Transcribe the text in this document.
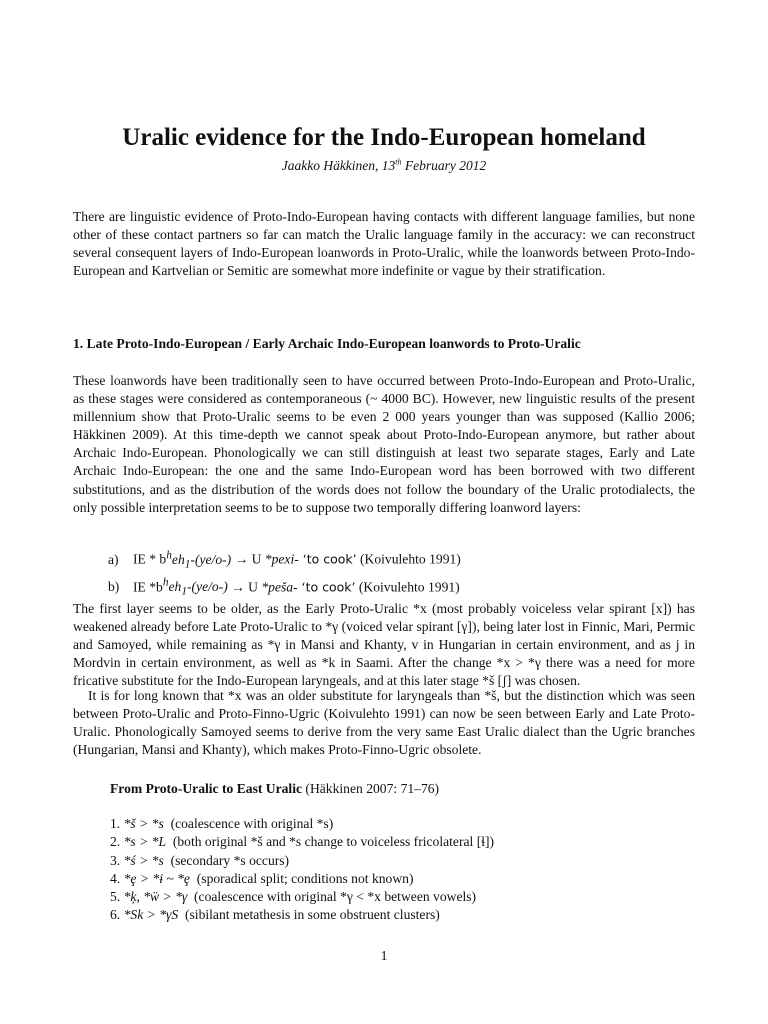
Uralic evidence for the Indo-European homeland
Jaakko Häkkinen, 13th February 2012

There are linguistic evidence of Proto-Indo-European having contacts with different language families, but none other of these contact partners so far can match the Uralic language family in the accuracy: we can reconstruct several consequent layers of Indo-European loanwords in Proto-Uralic, while the loanwords between Proto-Indo-European and Kartvelian or Semitic are somewhat more indefinite or vague by their stratification.

1. Late Proto-Indo-European / Early Archaic Indo-European loanwords to Proto-Uralic

These loanwords have been traditionally seen to have occurred between Proto-Indo-European and Proto-Uralic, as these stages were considered as contemporaneous (~ 4000 BC). However, new linguistic results of the present millennium show that Proto-Uralic seems to be even 2 000 years younger than was supposed (Kallio 2006; Häkkinen 2009). At this time-depth we cannot speak about Proto-Indo-European anymore, but rather about Archaic Indo-European. Phonologically we can still distinguish at least two separate stages, Early and Late Archaic Indo-European: the one and the same Indo-European word has been borrowed with two different substitutions, and as the distribution of the words does not follow the boundary of the Uralic protodialects, the only possible interpretation seems to be to suppose two temporally differing loanword layers:

a) IE * $b^heh_1-(ye/o-) \to U$ *pexi- ‘to cook’ (Koivulehto 1991)
b) IE $*b^heh_1-(ye/o-) \to U$ *peša- ‘to cook’ (Koivulehto 1991)

The first layer seems to be older, as the Early Proto-Uralic *x (most probably voiceless velar spirant [x]) has weakened already before Late Proto-Uralic to *γ (voiced velar spirant [γ]), being later lost in Finnic, Mari, Permic and Samoyed, while remaining as *γ in Mansi and Khanty, v in Hungarian in certain environment, and as j in Mordvin in certain environment, as well as *k in Saami. After the change *x > *γ there was a need for more fricative substitute for the Indo-European laryngeals, and at this later stage *š [ʃ] was chosen.

It is for long known that *x was an older substitute for laryngeals than *š, but the distinction which was seen between Proto-Uralic and Proto-Finno-Ugric (Koivulehto 1991) can now be seen between Early and Late Proto-Uralic. Phonologically Samoyed seems to derive from the very same East Uralic dialect than the Ugric branches (Hungarian, Mansi and Khanty), which makes Proto-Finno-Ugric obsolete.

From Proto-Uralic to East Uralic (Häkkinen 2007: 71–76)
1. *š > *s (coalescence with original *s)
2. *s > *L (both original *š and *s change to voiceless fricolateral [ɬ])
3. *ś > *s (secondary *s occurs)
4. *ȩ > *ɨ ~ *ȩ (sporadical split; conditions not known)
5. *ķ, *ẅ > *γ (coalescence with original *γ < *x between vowels)
6. *Sk > *γS (sibilant metathesis in some obstruent clusters)
1
